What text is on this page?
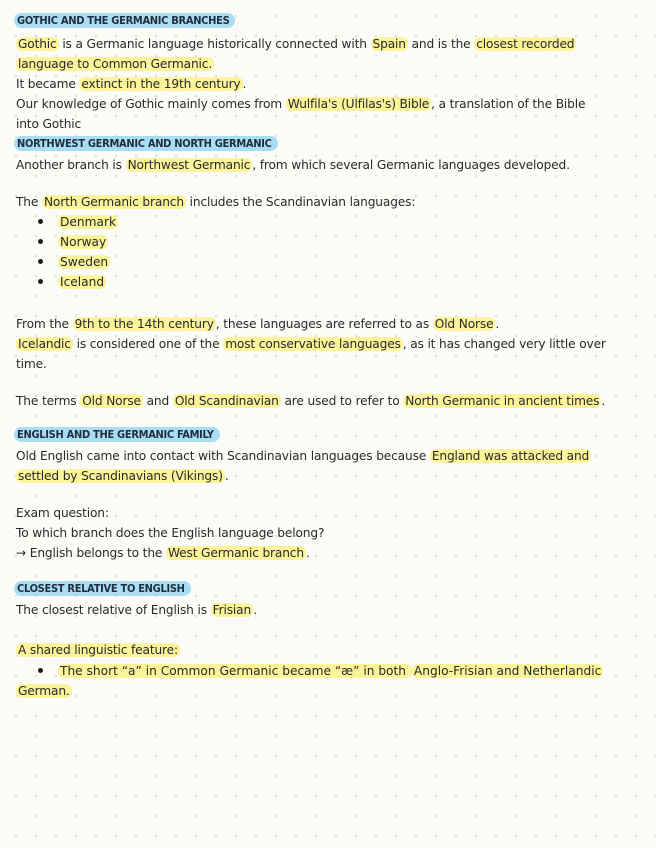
GOTHIC AND THE GERMANIC BRANCHES
Gothic is a Germanic language historically connected with Spain and is the closest recorded
language to Common Germanic.
It became extinct in the 19th century .
Our knowledge of Gothic mainly comes from Wulfila's (Ulfilas's) Bible , a translation of the Bible
into Gothic
NORTHWEST GERMANIC AND NORTH GERMANIC
Another branch is Northwest Germanic , from which several Germanic languages developed.
The North Germanic branch includes the Scandinavian languages:
Denmark
Norway
Sweden
Iceland
From the 9th to the 14th century , these languages are referred to as Old Norse .
Icelandic is considered one of the most conservative languages , as it has changed very little over
time.
The terms Old Norse and Old Scandinavian are used to refer to North Germanic in ancient times .
ENGLISH AND THE GERMANIC FAMILY
Old English came into contact with Scandinavian languages because England was attacked and
settled by Scandinavians (Vikings) .
Exam question:
To which branch does the English language belong?
→ English belongs to the West Germanic branch .
CLOSEST RELATIVE TO ENGLISH
The closest relative of English is Frisian .
A shared linguistic feature:
The short “a” in Common Germanic became “æ” in both Anglo-Frisian and Netherlandic
German.
